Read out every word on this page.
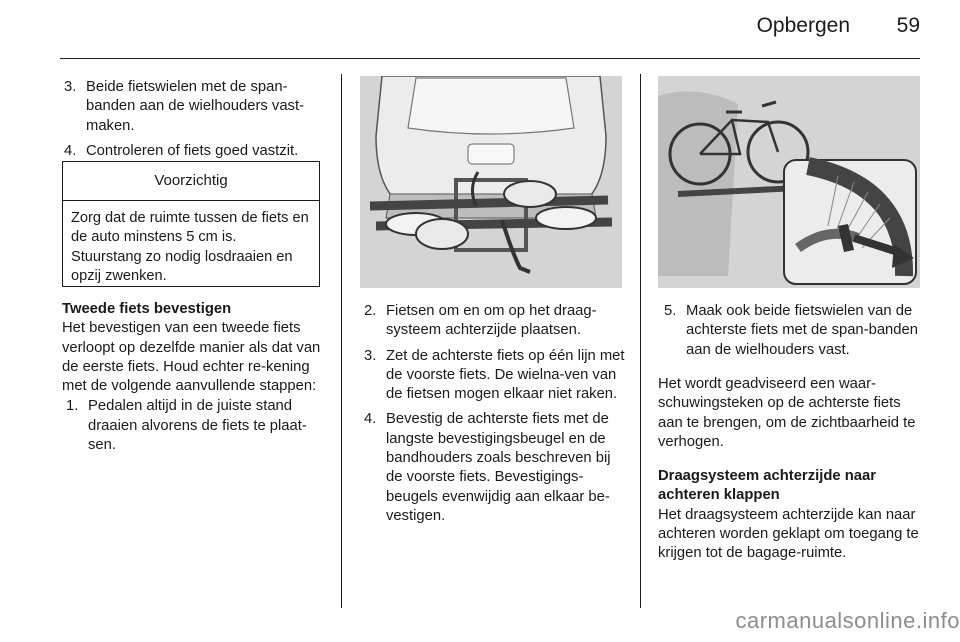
Opbergen	59
3. Beide fietswielen met de span-banden aan de wielhouders vast-maken.
4. Controleren of fiets goed vastzit.
Voorzichtig
Zorg dat de ruimte tussen de fiets en de auto minstens 5 cm is. Stuurstang zo nodig losdraaien en opzij zwenken.

Tweede fiets bevestigen

Het bevestigen van een tweede fiets verloopt op dezelfde manier als dat van de eerste fiets. Houd echter re-kening met de volgende aanvullende stappen:

1. Pedalen altijd in de juiste stand draaien alvorens de fiets te plaat-sen.
2. Fietsen om en om op het draag-systeem achterzijde plaatsen.
3. Zet de achterste fiets op één lijn met de voorste fiets. De wielna-ven van de fietsen mogen elkaar niet raken.
4. Bevestig de achterste fiets met de langste bevestigingsbeugel en de bandhouders zoals beschreven bij de voorste fiets. Bevestigings-beugels evenwijdig aan elkaar be-vestigen.
5. Maak ook beide fietswielen van de achterste fiets met de span-banden aan de wielhouders vast.

Het wordt geadviseerd een waar-schuwingsteken op de achterste fiets aan te brengen, om de zichtbaarheid te verhogen.

Draagsysteem achterzijde naar achteren klappen

Het draagsysteem achterzijde kan naar achteren worden geklapt om toegang te krijgen tot de bagage-ruimte.

carmanualsonline.info
